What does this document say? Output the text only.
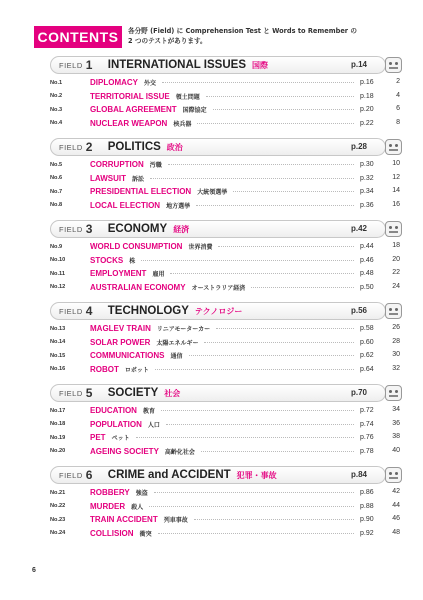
CONTENTS	各分野 (Field) に Comprehension Test と Words to Remember の
2 つのテストがあります。
FIELD 1	INTERNATIONAL ISSUES 国際	p.14
No.1	DIPLOMACY 外交	p.16	2
No.2	TERRITORIAL ISSUE 領土問題	p.18	4
No.3	GLOBAL AGREEMENT 国際協定	p.20	6
No.4	NUCLEAR WEAPON 核兵器	p.22	8
FIELD 2	POLITICS 政治	p.28
No.5	CORRUPTION 汚職	p.30	10
No.6	LAWSUIT 訴訟	p.32	12
No.7	PRESIDENTIAL ELECTION 大統領選挙	p.34	14
No.8	LOCAL ELECTION 地方選挙	p.36	16
FIELD 3	ECONOMY 経済	p.42
No.9	WORLD CONSUMPTION 世界消費	p.44	18
No.10	STOCKS 株	p.46	20
No.11	EMPLOYMENT 雇用	p.48	22
No.12	AUSTRALIAN ECONOMY オーストラリア経済	p.50	24
FIELD 4	TECHNOLOGY テクノロジー	p.56
No.13	MAGLEV TRAIN リニアモーターカー	p.58	26
No.14	SOLAR POWER 太陽エネルギー	p.60	28
No.15	COMMUNICATIONS 通信	p.62	30
No.16	ROBOT ロボット	p.64	32
FIELD 5	SOCIETY 社会	p.70
No.17	EDUCATION 教育	p.72	34
No.18	POPULATION 人口	p.74	36
No.19	PET ペット	p.76	38
No.20	AGEING SOCIETY 高齢化社会	p.78	40
FIELD 6	CRIME and ACCIDENT 犯罪・事故	p.84
No.21	ROBBERY 強盗	p.86	42
No.22	MURDER 殺人	p.88	44
No.23	TRAIN ACCIDENT 列車事故	p.90	46
No.24	COLLISION 衝突	p.92	48
6
